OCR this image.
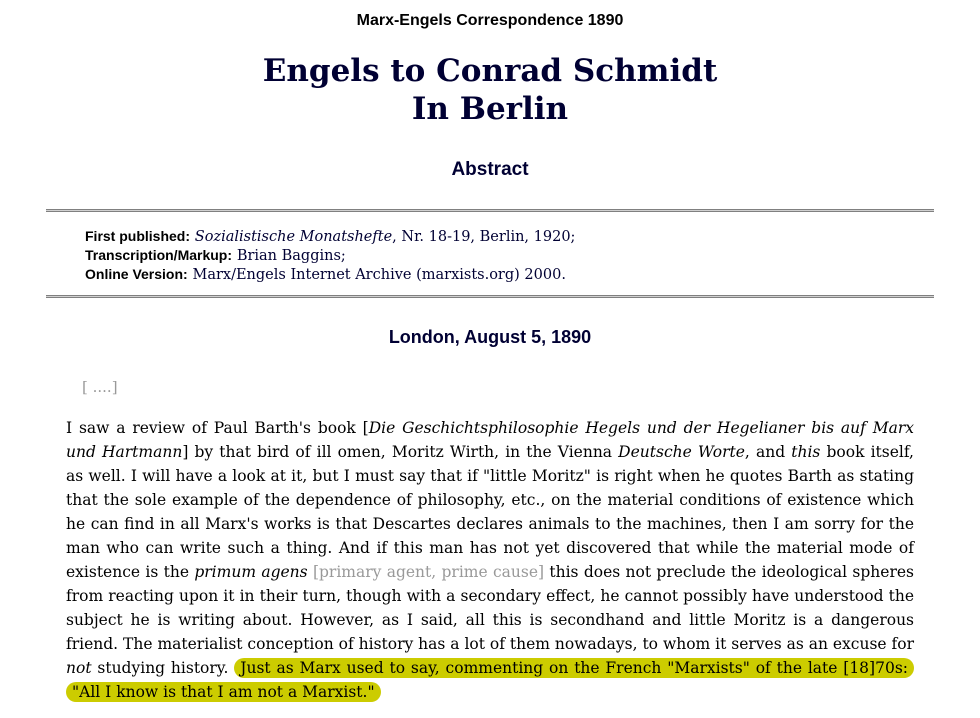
Marx-Engels Correspondence 1890
Engels to Conrad Schmidt
In Berlin
Abstract
First published: Sozialistische Monatshefte, Nr. 18-19, Berlin, 1920;
Transcription/Markup: Brian Baggins;
Online Version: Marx/Engels Internet Archive (marxists.org) 2000.
London, August 5, 1890
[ ....]
I saw a review of Paul Barth's book [Die Geschichtsphilosophie Hegels und der Hegelianer bis auf Marx und Hartmann] by that bird of ill omen, Moritz Wirth, in the Vienna Deutsche Worte, and this book itself, as well. I will have a look at it, but I must say that if "little Moritz" is right when he quotes Barth as stating that the sole example of the dependence of philosophy, etc., on the material conditions of existence which he can find in all Marx's works is that Descartes declares animals to the machines, then I am sorry for the man who can write such a thing. And if this man has not yet discovered that while the material mode of existence is the primum agens [primary agent, prime cause] this does not preclude the ideological spheres from reacting upon it in their turn, though with a secondary effect, he cannot possibly have understood the subject he is writing about. However, as I said, all this is secondhand and little Moritz is a dangerous friend. The materialist conception of history has a lot of them nowadays, to whom it serves as an excuse for not studying history. Just as Marx used to say, commenting on the French "Marxists" of the late [18]70s: "All I know is that I am not a Marxist."
